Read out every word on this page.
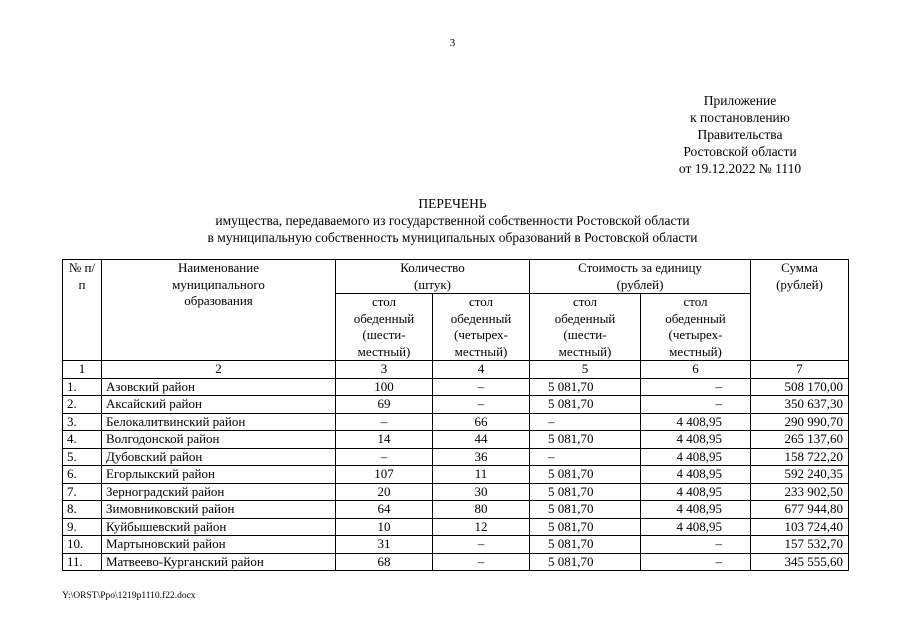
3
Приложение
к постановлению
Правительства
Ростовской области
от 19.12.2022 № 1110
ПЕРЕЧЕНЬ
имущества, передаваемого из государственной собственности Ростовской области
в муниципальную собственность муниципальных образований в Ростовской области
№ п/п	Наименование муниципального образования	Количество (штук)		Стоимость за единицу (рублей)		Сумма (рублей)

		стол обеденный (шести-местный)	стол обеденный (четырех-местный)	стол обеденный (шести-местный)	стол обеденный (четырех-местный)	

1	2	3	4	5	6	7
1.	Азовский район	100	–	5 081,70	–	508 170,00
2.	Аксайский район	69	–	5 081,70	–	350 637,30
3.	Белокалитвинский район	–	66	–	4 408,95	290 990,70
4.	Волгодонской район	14	44	5 081,70	4 408,95	265 137,60
5.	Дубовский район	–	36	–	4 408,95	158 722,20
6.	Егорлыкский район	107	11	5 081,70	4 408,95	592 240,35
7.	Зерноградский район	20	30	5 081,70	4 408,95	233 902,50
8.	Зимовниковский район	64	80	5 081,70	4 408,95	677 944,80
9.	Куйбышевский район	10	12	5 081,70	4 408,95	103 724,40
10.	Мартыновский район	31	–	5 081,70	–	157 532,70
11.	Матвеево-Курганский район	68	–	5 081,70	–	345 555,60
Y:\ORST\Ppo\1219p1110.f22.docx
